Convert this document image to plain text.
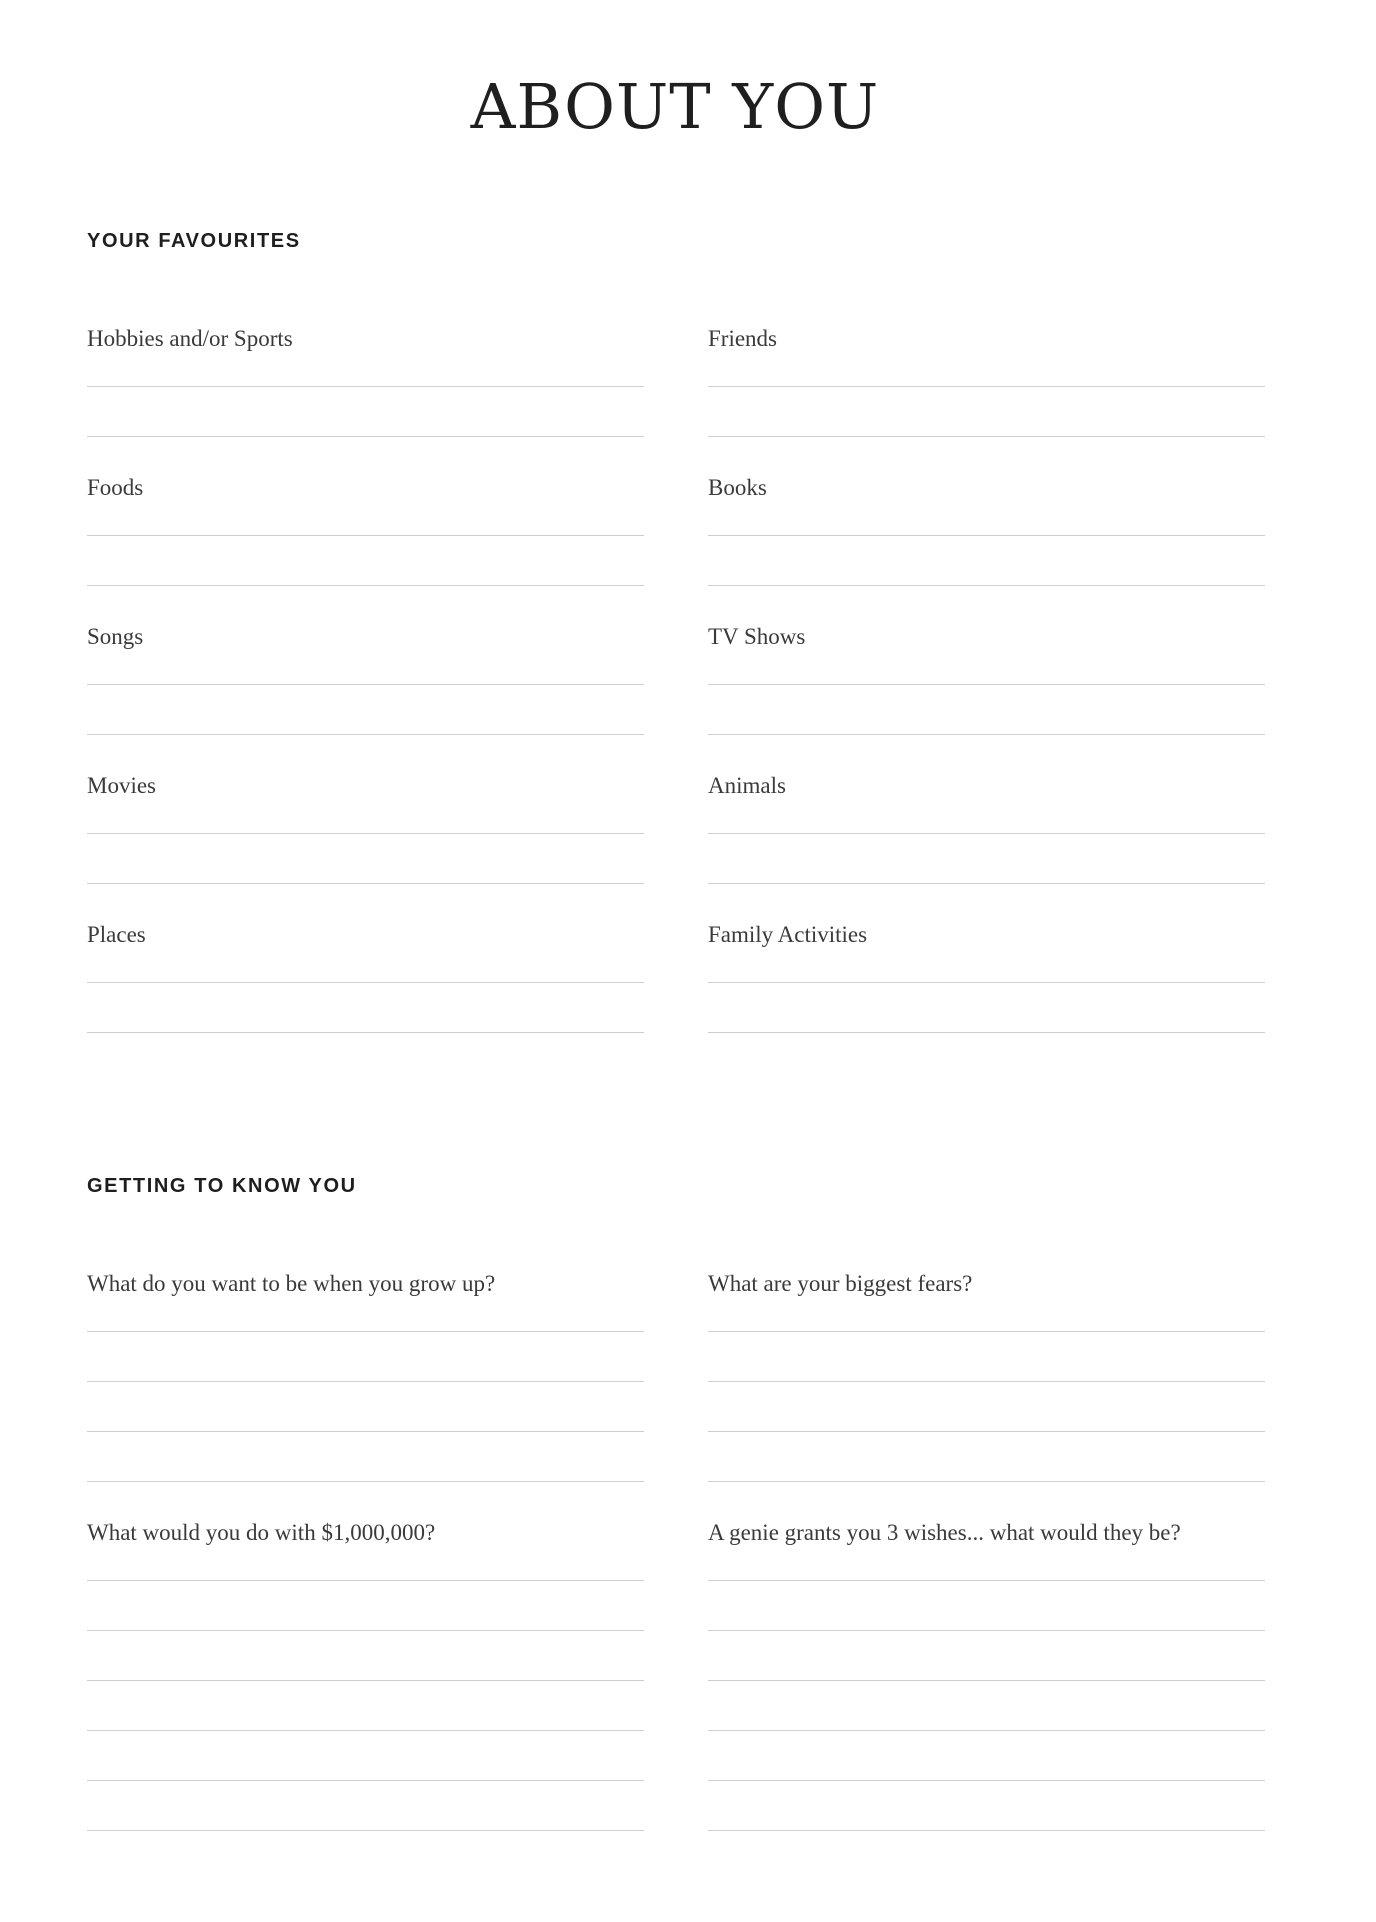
ABOUT YOU
YOUR FAVOURITES
Hobbies and/or Sports	Friends
Foods	Books
Songs	TV Shows
Movies	Animals
Places	Family Activities
GETTING TO KNOW YOU
What do you want to be when you grow up?	What are your biggest fears?
What would you do with $1,000,000?	A genie grants you 3 wishes... what would they be?
